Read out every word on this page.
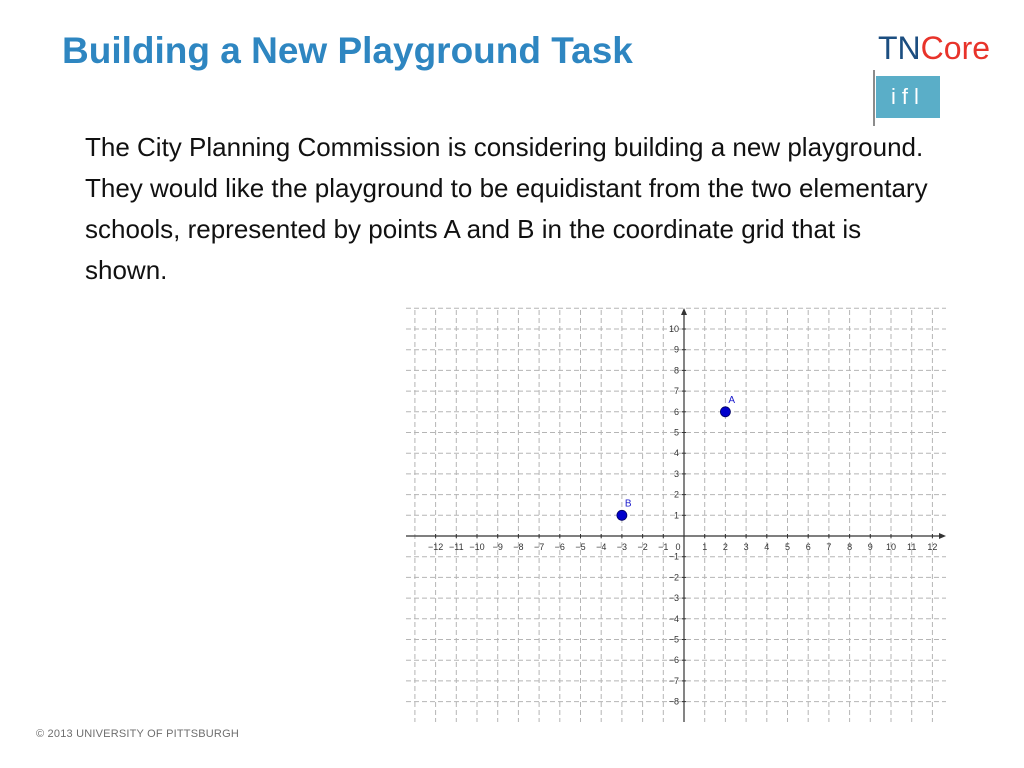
Building a New Playground Task	TNCore
ifl
The City Planning Commission is considering building a new playground. They would like the playground to be equidistant from the two elementary schools, represented by points A and B in the coordinate grid that is shown.
−12 −11 −10 −9 −8 −7 −6 −5 −4 −3 −2 −1 0 1 2 3 4 5 6 7 8 9 10 11 12
−8
−7
−6
−5
−4
−3
−2
−1
1
2
3
4
5
6
7
8
9
10
A
B
© 2013 UNIVERSITY OF PITTSBURGH
